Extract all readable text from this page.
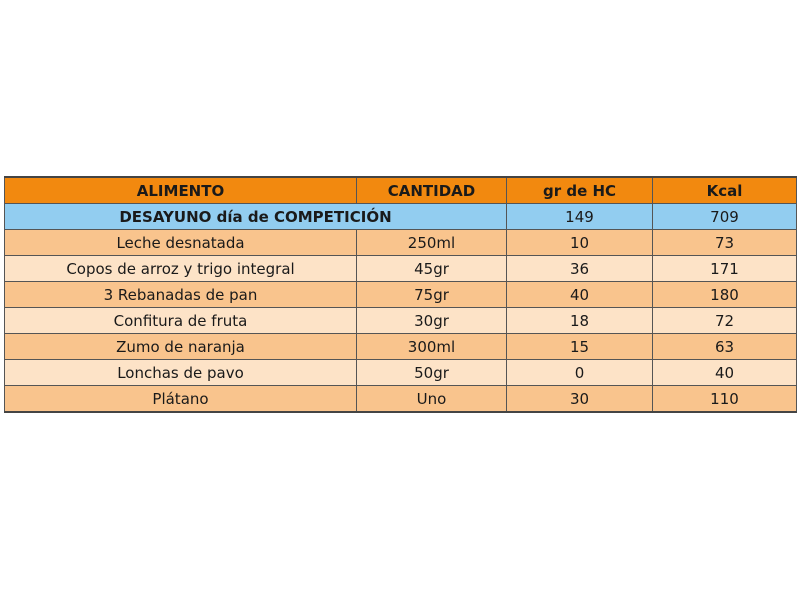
ALIMENTO	CANTIDAD	gr de HC	Kcal
DESAYUNO día de COMPETICIÓN		149	709
Leche desnatada	250ml	10	73
Copos de arroz y trigo integral	45gr	36	171
3 Rebanadas de pan	75gr	40	180
Confitura de fruta	30gr	18	72
Zumo de naranja	300ml	15	63
Lonchas de pavo	50gr	0	40
Plátano	Uno	30	110
